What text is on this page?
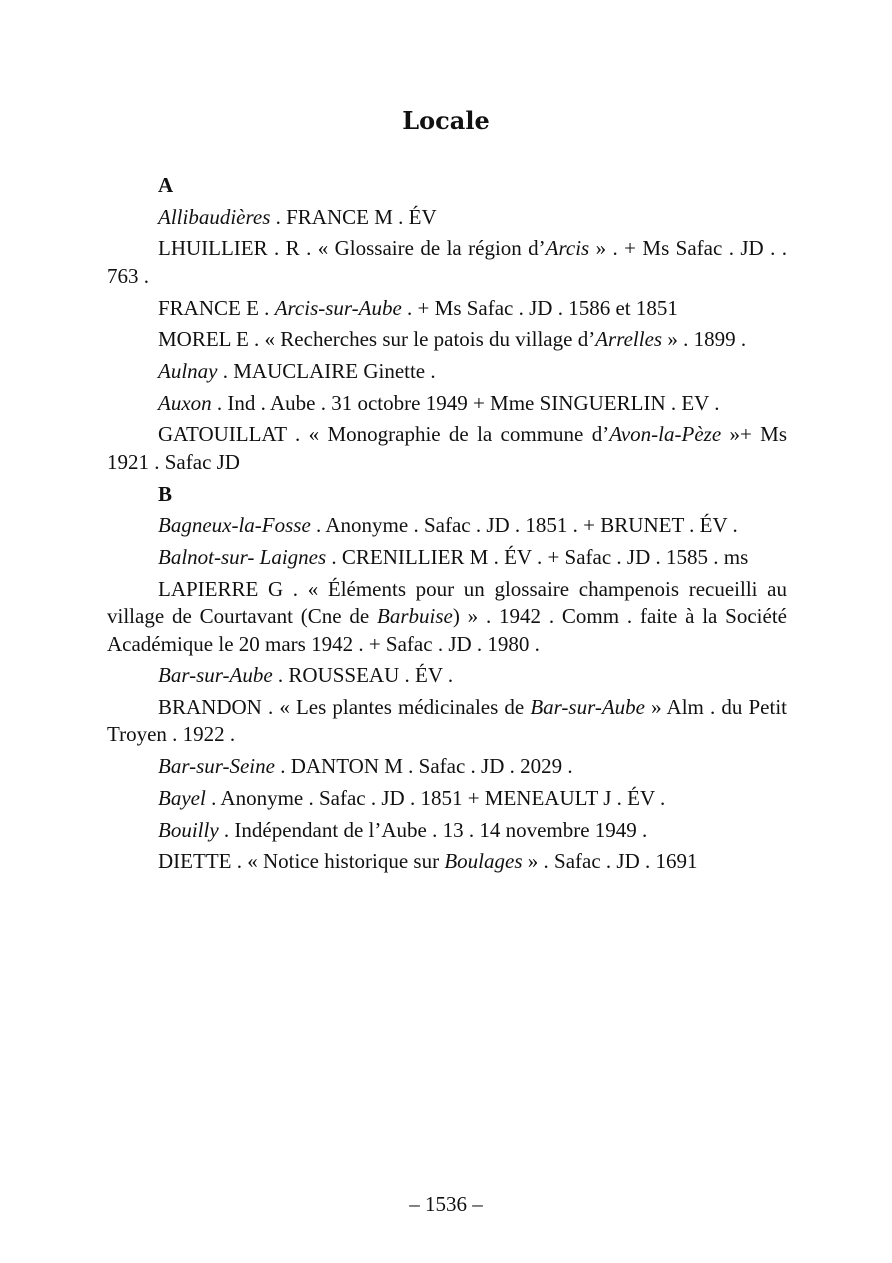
Locale
A
Allibaudières . FRANCE M . ÉV
LHUILLIER . R . « Glossaire de la région d’Arcis » . + Ms Safac . JD . . 763 .
FRANCE E . Arcis-sur-Aube . + Ms Safac . JD . 1586 et 1851
MOREL E . « Recherches sur le patois du village d’Arrelles » . 1899 .
Aulnay . MAUCLAIRE Ginette .
Auxon . Ind . Aube . 31 octobre 1949 + Mme SINGUERLIN . EV .
GATOUILLAT . « Monographie de la commune d’Avon-la-Pèze »+ Ms 1921 . Safac JD
B
Bagneux-la-Fosse . Anonyme . Safac . JD . 1851 . + BRUNET . ÉV .
Balnot-sur- Laignes . CRENILLIER M . ÉV . + Safac . JD . 1585 . ms
LAPIERRE G . « Éléments pour un glossaire champenois recueilli au village de Courtavant (Cne de Barbuise) » . 1942 . Comm . faite à la Société Académique le 20 mars 1942 . + Safac . JD . 1980 .
Bar-sur-Aube . ROUSSEAU . ÉV .
BRANDON . « Les plantes médicinales de Bar-sur-Aube » Alm . du Petit Troyen . 1922 .
Bar-sur-Seine . DANTON M . Safac . JD . 2029 .
Bayel . Anonyme . Safac . JD . 1851 + MENEAULT J . ÉV .
Bouilly . Indépendant de l’Aube . 13 . 14 novembre 1949 .
DIETTE . « Notice historique sur Boulages » . Safac . JD . 1691
– 1536 –
